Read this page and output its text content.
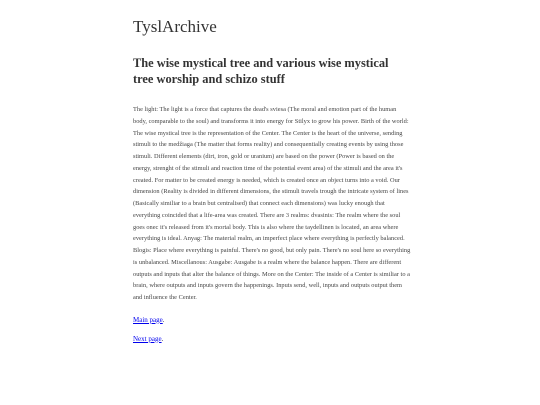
TyslArchive
The wise mystical tree and various wise mystical tree worship and schizo stuff

The light: The light is a force that captures the dead's sviesa (The moral and emotion part of the human body, comparable to the soul) and transforms it into energy for Stilyx to grow his power. Birth of the world: The wise mystical tree is the representation of the Center. The Center is the heart of the universe, sending stimuli to the medžiaga (The matter that forms reality) and consequentially creating events by using those stimuli. Different elements (dirt, iron, gold or uranium) are based on the power (Power is based on the energy, strenght of the stimuli and reaction time of the potential event area) of the stimuli and the area it's created. For matter to be created energy is needed, which is created once an object turns into a void. Our dimension (Reality is divided in different dimensions, the stimuli travels trough the intricate system of lines (Basically similiar to a brain but centralised) that connect each dimensions) was lucky enough that everything coincided that a life-area was created. There are 3 realms: dvasinis: The realm where the soul goes onec it's released from it's mortal body. This is also where the taydellinen is located, an area where everything is ideal. Anyag: The material realm, an imperfect place where everything is perfectly balanced. Blogis: Place where everything is painful. There's no good, but only pain. There's no soul here so everything is unbalanced. Miscellanous: Ausgabe: Ausgabe is a realm where the balance happen. There are different outputs and inputs that alter the balance of things. More on the Center: The inside of a Center is similiar to a brain, where outputs and inputs govern the happenings. Inputs send, well, inputs and outputs output them and influence the Center.

Main page.

Next page.
